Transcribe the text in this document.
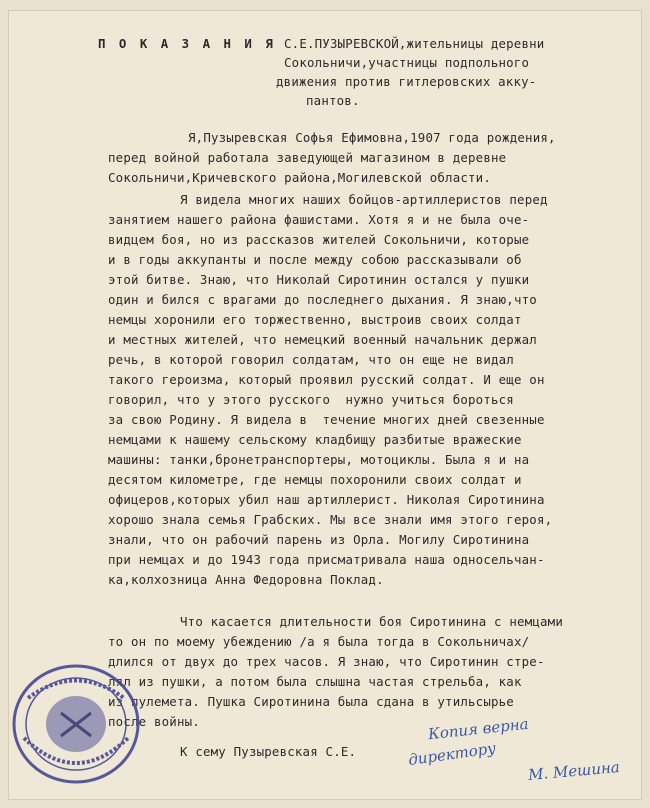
П О К А З А Н И Я С.Е.ПУЗЫРЕВСКОЙ,жительницы деревни
Сокольничи,участницы подпольного
движения против гитлеровских акку-
пантов.
Я,Пузыревская Софья Ефимовна,1907 года рождения,
перед войной работала заведующей магазином в деревне
Сокольничи,Кричевского района,Могилевской области.
Я видела многих наших бойцов-артиллеристов перед
занятием нашего района фашистами. Хотя я и не была оче-
видцем боя, но из рассказов жителей Сокольничи, которые
и в годы аккупанты и после между собою рассказывали об
этой битве. Знаю, что Николай Сиротинин остался у пушки
один и бился с врагами до последнего дыхания. Я знаю,что
немцы хоронили его торжественно, выстроив своих солдат
и местных жителей, что немецкий военный начальник держал
речь, в которой говорил солдатам, что он еще не видал
такого героизма, который проявил русский солдат. И еще он
говорил, что у этого русского  нужно учиться бороться
за свою Родину. Я видела в  течение многих дней свезенные
немцами к нашему сельскому кладбищу разбитые вражеские
машины: танки,бронетранспортеры, мотоциклы. Была я и на
десятом километре, где немцы похоронили своих солдат и
офицеров,которых убил наш артиллерист. Николая Сиротинина
хорошо знала семья Грабских. Мы все знали имя этого героя,
знали, что он рабочий парень из Орла. Могилу Сиротинина
при немцах и до 1943 года присматривала наша односельчан-
ка,колхозница Анна Федоровна Поклад.
Что касается длительности боя Сиротинина с немцами
то он по моему убеждению /а я была тогда в Сокольничах/
длился от двух до трех часов. Я знаю, что Сиротинин стре-
лял из пушки, а потом была слышна частая стрельба, как
из пулемета. Пушка Сиротинина была сдана в утильсырье
после войны.
К сему Пузыревская С.Е.
Копия верна
директору
М. Мешина
